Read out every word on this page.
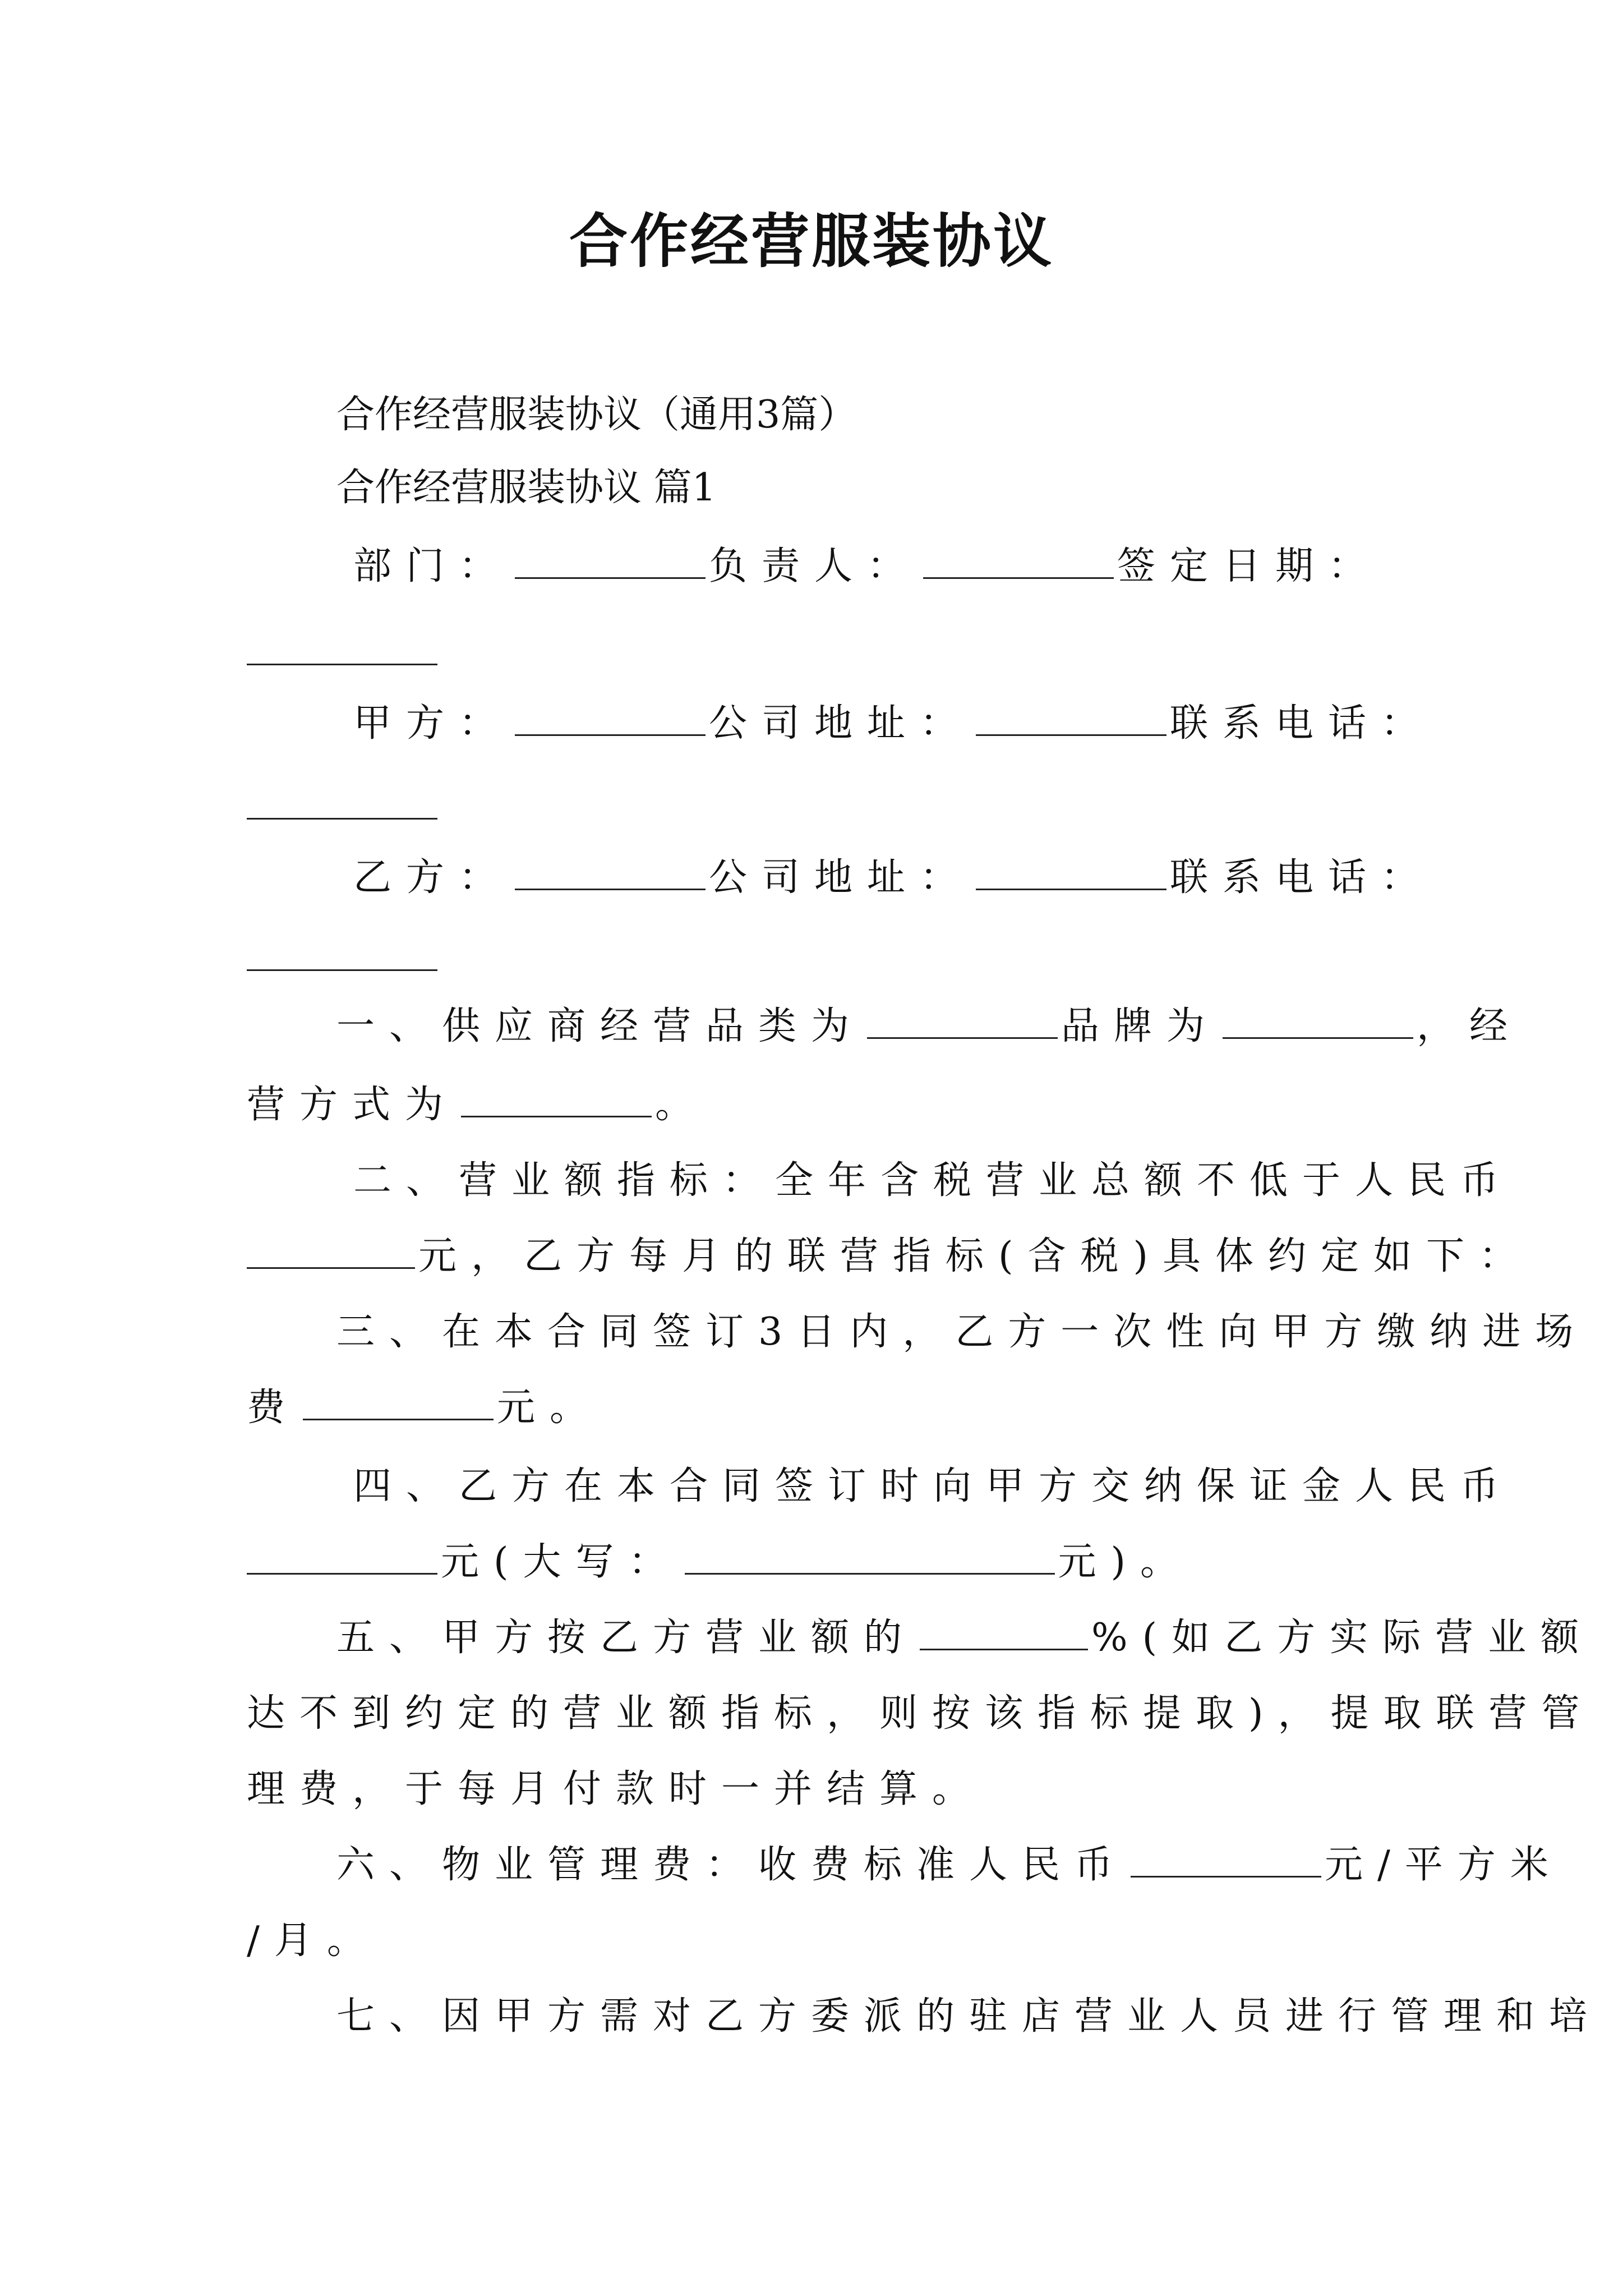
合作经营服装协议
合作经营服装协议（通用3篇）
合作经营服装协议 篇1
部门：	负责人：	签定日期：
甲方：	公司地址：	联系电话：
乙方：	公司地址：	联系电话：
一、供应商经营品类为	品牌为	，经
营方式为	。
二、营业额指标：全年含税营业总额不低于人民币
元，乙方每月的联营指标(含税)具体约定如下：
三、在本合同签订3日内，乙方一次性向甲方缴纳进场
费	元。
四、乙方在本合同签订时向甲方交纳保证金人民币
元(大写：	元)。
五、甲方按乙方营业额的	%(如乙方实际营业额
达不到约定的营业额指标，则按该指标提取)，提取联营管
理费，于每月付款时一并结算。
六、物业管理费：收费标准人民币	元/平方米
/月。
七、因甲方需对乙方委派的驻店营业人员进行管理和培
